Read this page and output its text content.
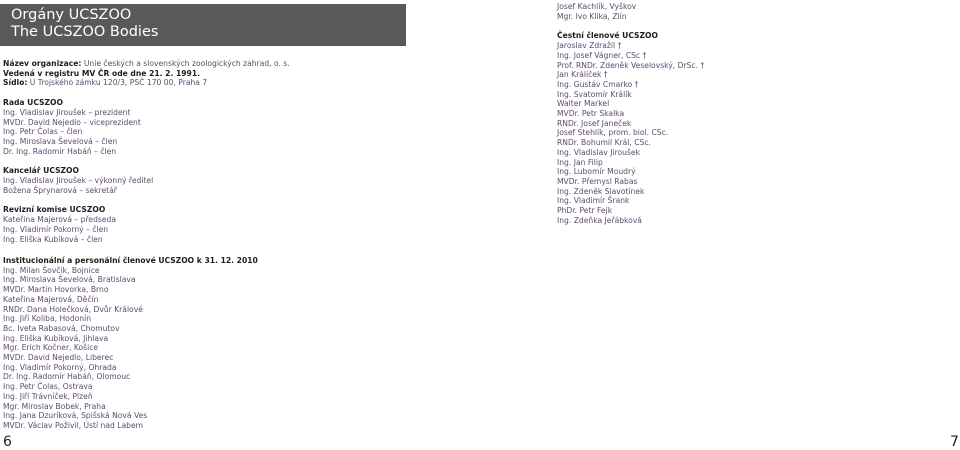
Orgány UCSZOO
The UCSZOO Bodies
Název organizace: Unie českých a slovenských zoologických zahrad, o. s.
Vedená v registru MV ČR ode dne 21. 2. 1991.
Sídlo: U Trojského zámku 120/3, PSČ 170 00, Praha 7
Rada UCSZOO
Ing. Vladislav Jiroušek – prezident
MVDr. David Nejedlo – viceprezident
Ing. Petr Čolas – člen
Ing. Miroslava Ševelová – člen
Dr. Ing. Radomír Habáň – člen
Kancelář UCSZOO
Ing. Vladislav Jiroušek – výkonný ředitel
Božena Šprynarová – sekretář
Revizní komise UCSZOO
Kateřina Majerová – předseda
Ing. Vladimír Pokorný – člen
Ing. Eliška Kubíková – člen
Institucionální a personální členové UCSZOO k 31. 12. 2010
Ing. Milan Šovčík, Bojnice
Ing. Miroslava Ševelová, Bratislava
MVDr. Martin Hovorka, Brno
Kateřina Majerová, Děčín
RNDr. Dana Holečková, Dvůr Králové
Ing. Jiří Koliba, Hodonín
Bc. Iveta Rabasová, Chomutov
Ing. Eliška Kubíková, Jihlava
Mgr. Erich Kočner, Košice
MVDr. David Nejedlo, Liberec
Ing. Vladimír Pokorný, Ohrada
Dr. Ing. Radomír Habáň, Olomouc
Ing. Petr Čolas, Ostrava
Ing. Jiří Trávníček, Plzeň
Mgr. Miroslav Bobek, Praha
Ing. Jana Dzuríková, Spišská Nová Ves
MVDr. Václav Poživil, Ústí nad Labem
Josef Kachlík, Vyškov
Mgr. Ivo Klika, Zlín
Čestní členové UCSZOO
Jaroslav Zdražil †
Ing. Josef Vágner, CSc †
Prof. RNDr. Zdeněk Veselovský, DrSc. †
Jan Králíček †
Ing. Gustáv Cmarko †
Ing. Svatomír Králík
Walter Markel
MVDr. Petr Skalka
RNDr. Josef Janeček
Josef Stehlík, prom. biol. CSc.
RNDr. Bohumil Král, CSc.
Ing. Vladislav Jiroušek
Ing. Jan Filip
Ing. Lubomír Moudrý
MVDr. Přemysl Rabas
Ing. Zdeněk Slavotínek
Ing. Vladimír Šrank
PhDr. Petr Fejk
Ing. Zdeňka Jeřábková
6	7
